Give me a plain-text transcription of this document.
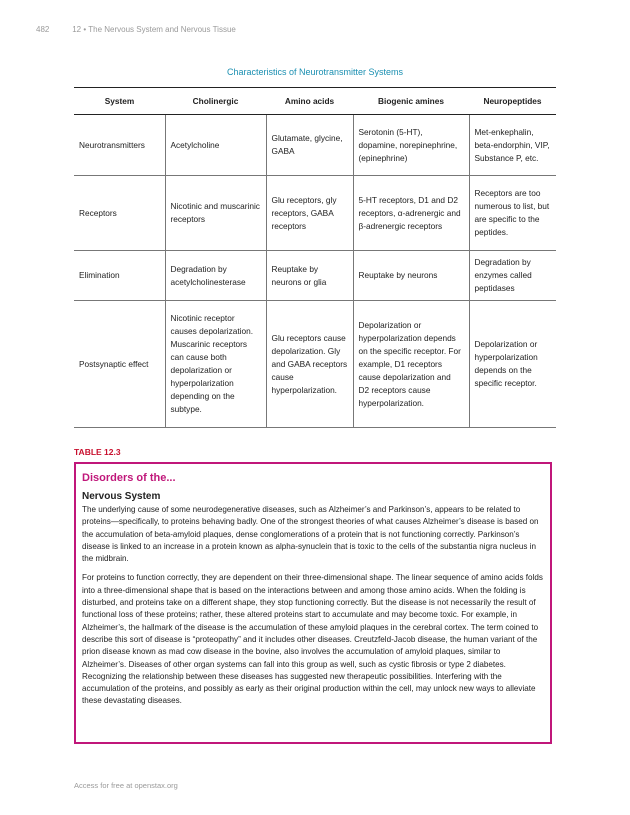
482	12 • The Nervous System and Nervous Tissue
Characteristics of Neurotransmitter Systems
System	Cholinergic	Amino acids	Biogenic amines	Neuropeptides
Neurotransmitters	Acetylcholine	Glutamate, glycine, GABA	Serotonin (5-HT), dopamine, norepinephrine, (epinephrine)	Met-enkephalin, beta-endorphin, VIP, Substance P, etc.
Receptors	Nicotinic and muscarinic receptors	Glu receptors, gly receptors, GABA receptors	5-HT receptors, D1 and D2 receptors, α-adrenergic and β-adrenergic receptors	Receptors are too numerous to list, but are specific to the peptides.
Elimination	Degradation by acetylcholinesterase	Reuptake by neurons or glia	Reuptake by neurons	Degradation by enzymes called peptidases
Postsynaptic effect	Nicotinic receptor causes depolarization. Muscarinic receptors can cause both depolarization or hyperpolarization depending on the subtype.	Glu receptors cause depolarization. Gly and GABA receptors cause hyperpolarization.	Depolarization or hyperpolarization depends on the specific receptor. For example, D1 receptors cause depolarization and D2 receptors cause hyperpolarization.	Depolarization or hyperpolarization depends on the specific receptor.
TABLE 12.3
Disorders of the...
Nervous System

The underlying cause of some neurodegenerative diseases, such as Alzheimer’s and Parkinson’s, appears to be related to proteins—specifically, to proteins behaving badly. One of the strongest theories of what causes Alzheimer’s disease is based on the accumulation of beta-amyloid plaques, dense conglomerations of a protein that is not functioning correctly. Parkinson’s disease is linked to an increase in a protein known as alpha-synuclein that is toxic to the cells of the substantia nigra nucleus in the midbrain.

For proteins to function correctly, they are dependent on their three-dimensional shape. The linear sequence of amino acids folds into a three-dimensional shape that is based on the interactions between and among those amino acids. When the folding is disturbed, and proteins take on a different shape, they stop functioning correctly. But the disease is not necessarily the result of functional loss of these proteins; rather, these altered proteins start to accumulate and may become toxic. For example, in Alzheimer’s, the hallmark of the disease is the accumulation of these amyloid plaques in the cerebral cortex. The term coined to describe this sort of disease is “proteopathy” and it includes other diseases. Creutzfeld-Jacob disease, the human variant of the prion disease known as mad cow disease in the bovine, also involves the accumulation of amyloid plaques, similar to Alzheimer’s. Diseases of other organ systems can fall into this group as well, such as cystic fibrosis or type 2 diabetes. Recognizing the relationship between these diseases has suggested new therapeutic possibilities. Interfering with the accumulation of the proteins, and possibly as early as their original production within the cell, may unlock new ways to alleviate these devastating diseases.

Access for free at openstax.org
